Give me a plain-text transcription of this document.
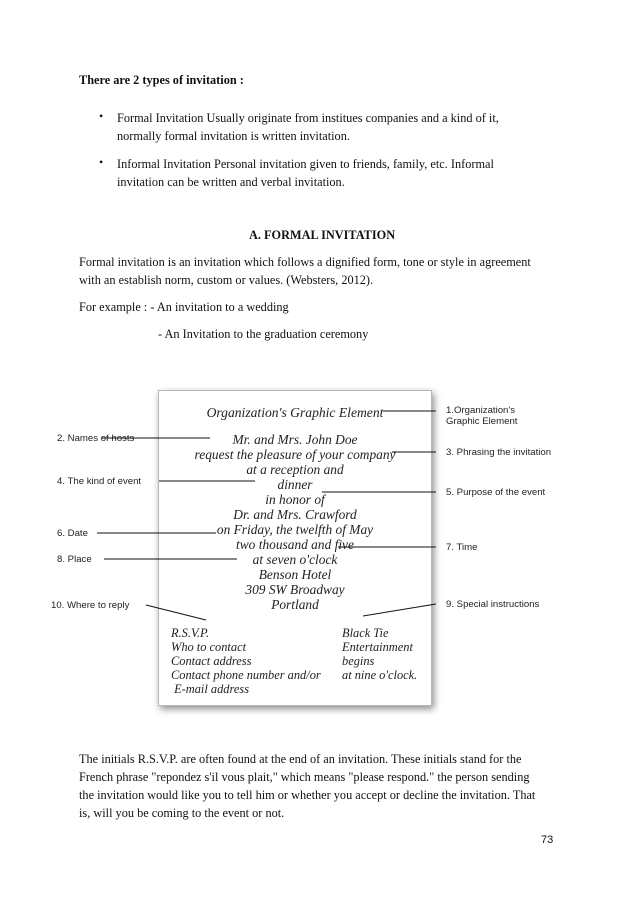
There are 2 types of invitation :
• Formal Invitation Usually originate from institues companies and a kind of it,
normally formal invitation is written invitation.
• Informal Invitation Personal invitation given to friends, family, etc. Informal
invitation can be written and verbal invitation.
A. FORMAL INVITATION
Formal invitation is an invitation which follows a dignified form, tone or style in agreement
with an establish norm, custom or values. (Websters, 2012).
For example : - An invitation to a wedding
- An Invitation to the graduation ceremony
Organization's Graphic Element
Mr. and Mrs. John Doe
request the pleasure of your company
at a reception and
dinner
in honor of
Dr. and Mrs. Crawford
on Friday, the twelfth of May
two thousand and five
at seven o'clock
Benson Hotel
309 SW Broadway
Portland
R.S.V.P.
Who to contact
Contact address
Contact phone number and/or
E-mail address
Black Tie
Entertainment
begins
at nine o'clock.
2. Names of hosts
4. The kind of event
6. Date
8. Place
10. Where to reply
1.Organization's
Graphic Element
3. Phrasing the invitation
5. Purpose of the event
7. Time
9. Special instructions
The initials R.S.V.P. are often found at the end of an invitation. These initials stand for the
French phrase "repondez s'il vous plait," which means "please respond." the person sending
the invitation would like you to tell him or whether you accept or decline the invitation. That
is, will you be coming to the event or not.
73
